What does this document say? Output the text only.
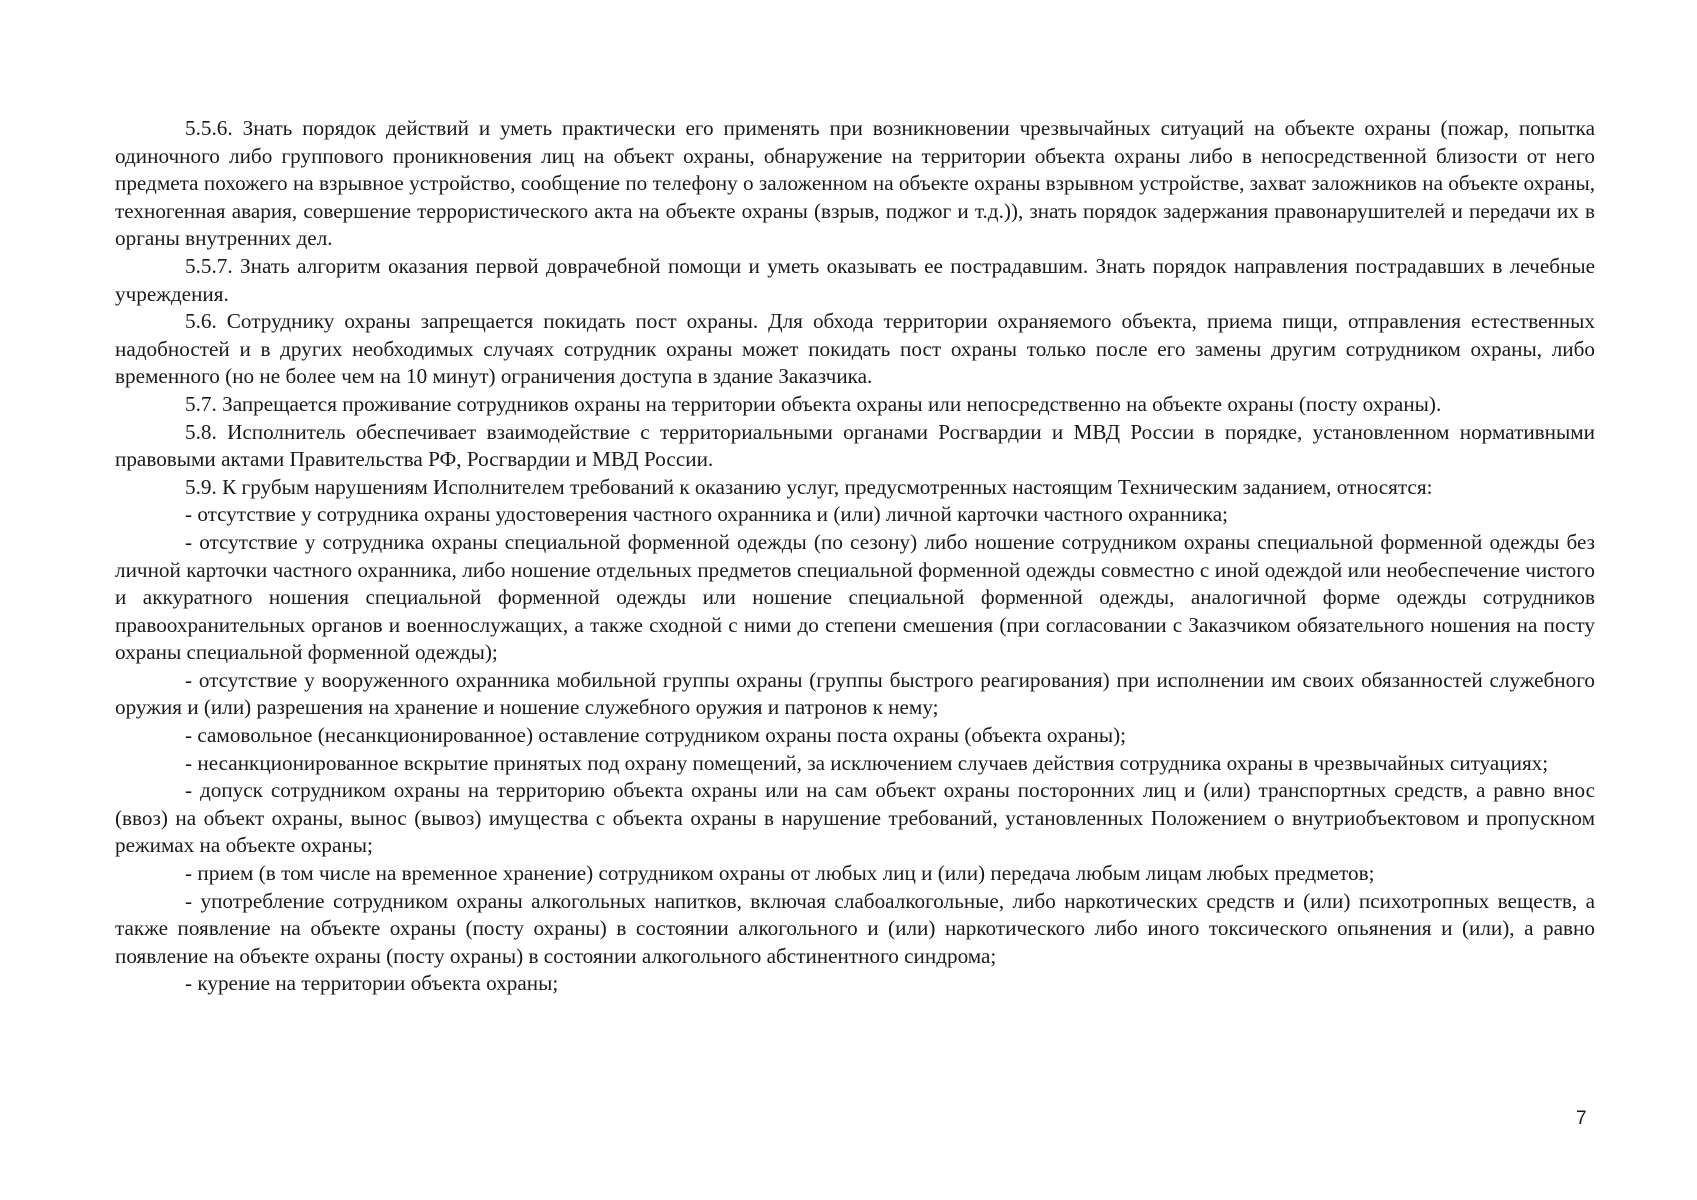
5.5.6. Знать порядок действий и уметь практически его применять при возникновении чрезвычайных ситуаций на объекте охраны (пожар, попытка одиночного либо группового проникновения лиц на объект охраны, обнаружение на территории объекта охраны либо в непосредственной близости от него предмета похожего на взрывное устройство, сообщение по телефону о заложенном на объекте охраны взрывном устройстве, захват заложников на объекте охраны, техногенная авария, совершение террористического акта на объекте охраны (взрыв, поджог и т.д.)), знать порядок задержания правонарушителей и передачи их в органы внутренних дел.

5.5.7. Знать алгоритм оказания первой доврачебной помощи и уметь оказывать ее пострадавшим. Знать порядок направления пострадавших в лечебные учреждения.

5.6. Сотруднику охраны запрещается покидать пост охраны. Для обхода территории охраняемого объекта, приема пищи, отправления естественных надобностей и в других необходимых случаях сотрудник охраны может покидать пост охраны только после его замены другим сотрудником охраны, либо временного (но не более чем на 10 минут) ограничения доступа в здание Заказчика.

5.7. Запрещается проживание сотрудников охраны на территории объекта охраны или непосредственно на объекте охраны (посту охраны).

5.8. Исполнитель обеспечивает взаимодействие с территориальными органами Росгвардии и МВД России в порядке, установленном нормативными правовыми актами Правительства РФ, Росгвардии и МВД России.

5.9. К грубым нарушениям Исполнителем требований к оказанию услуг, предусмотренных настоящим Техническим заданием, относятся:

- отсутствие у сотрудника охраны удостоверения частного охранника и (или) личной карточки частного охранника;

- отсутствие у сотрудника охраны специальной форменной одежды (по сезону) либо ношение сотрудником охраны специальной форменной одежды без личной карточки частного охранника, либо ношение отдельных предметов специальной форменной одежды совместно с иной одеждой или необеспечение чистого и аккуратного ношения специальной форменной одежды или ношение специальной форменной одежды, аналогичной форме одежды сотрудников правоохранительных органов и военнослужащих, а также сходной с ними до степени смешения (при согласовании с Заказчиком обязательного ношения на посту охраны специальной форменной одежды);

- отсутствие у вооруженного охранника мобильной группы охраны (группы быстрого реагирования) при исполнении им своих обязанностей служебного оружия и (или) разрешения на хранение и ношение служебного оружия и патронов к нему;

- самовольное (несанкционированное) оставление сотрудником охраны поста охраны (объекта охраны);

- несанкционированное вскрытие принятых под охрану помещений, за исключением случаев действия сотрудника охраны в чрезвычайных ситуациях;

- допуск сотрудником охраны на территорию объекта охраны или на сам объект охраны посторонних лиц и (или) транспортных средств, а равно внос (ввоз) на объект охраны, вынос (вывоз) имущества с объекта охраны в нарушение требований, установленных Положением о внутриобъектовом и пропускном режимах на объекте охраны;

- прием (в том числе на временное хранение) сотрудником охраны от любых лиц и (или) передача любым лицам любых предметов;

- употребление сотрудником охраны алкогольных напитков, включая слабоалкогольные, либо наркотических средств и (или) психотропных веществ, а также появление на объекте охраны (посту охраны) в состоянии алкогольного и (или) наркотического либо иного токсического опьянения и (или), а равно появление на объекте охраны (посту охраны) в состоянии алкогольного абстинентного синдрома;

- курение на территории объекта охраны;

7
